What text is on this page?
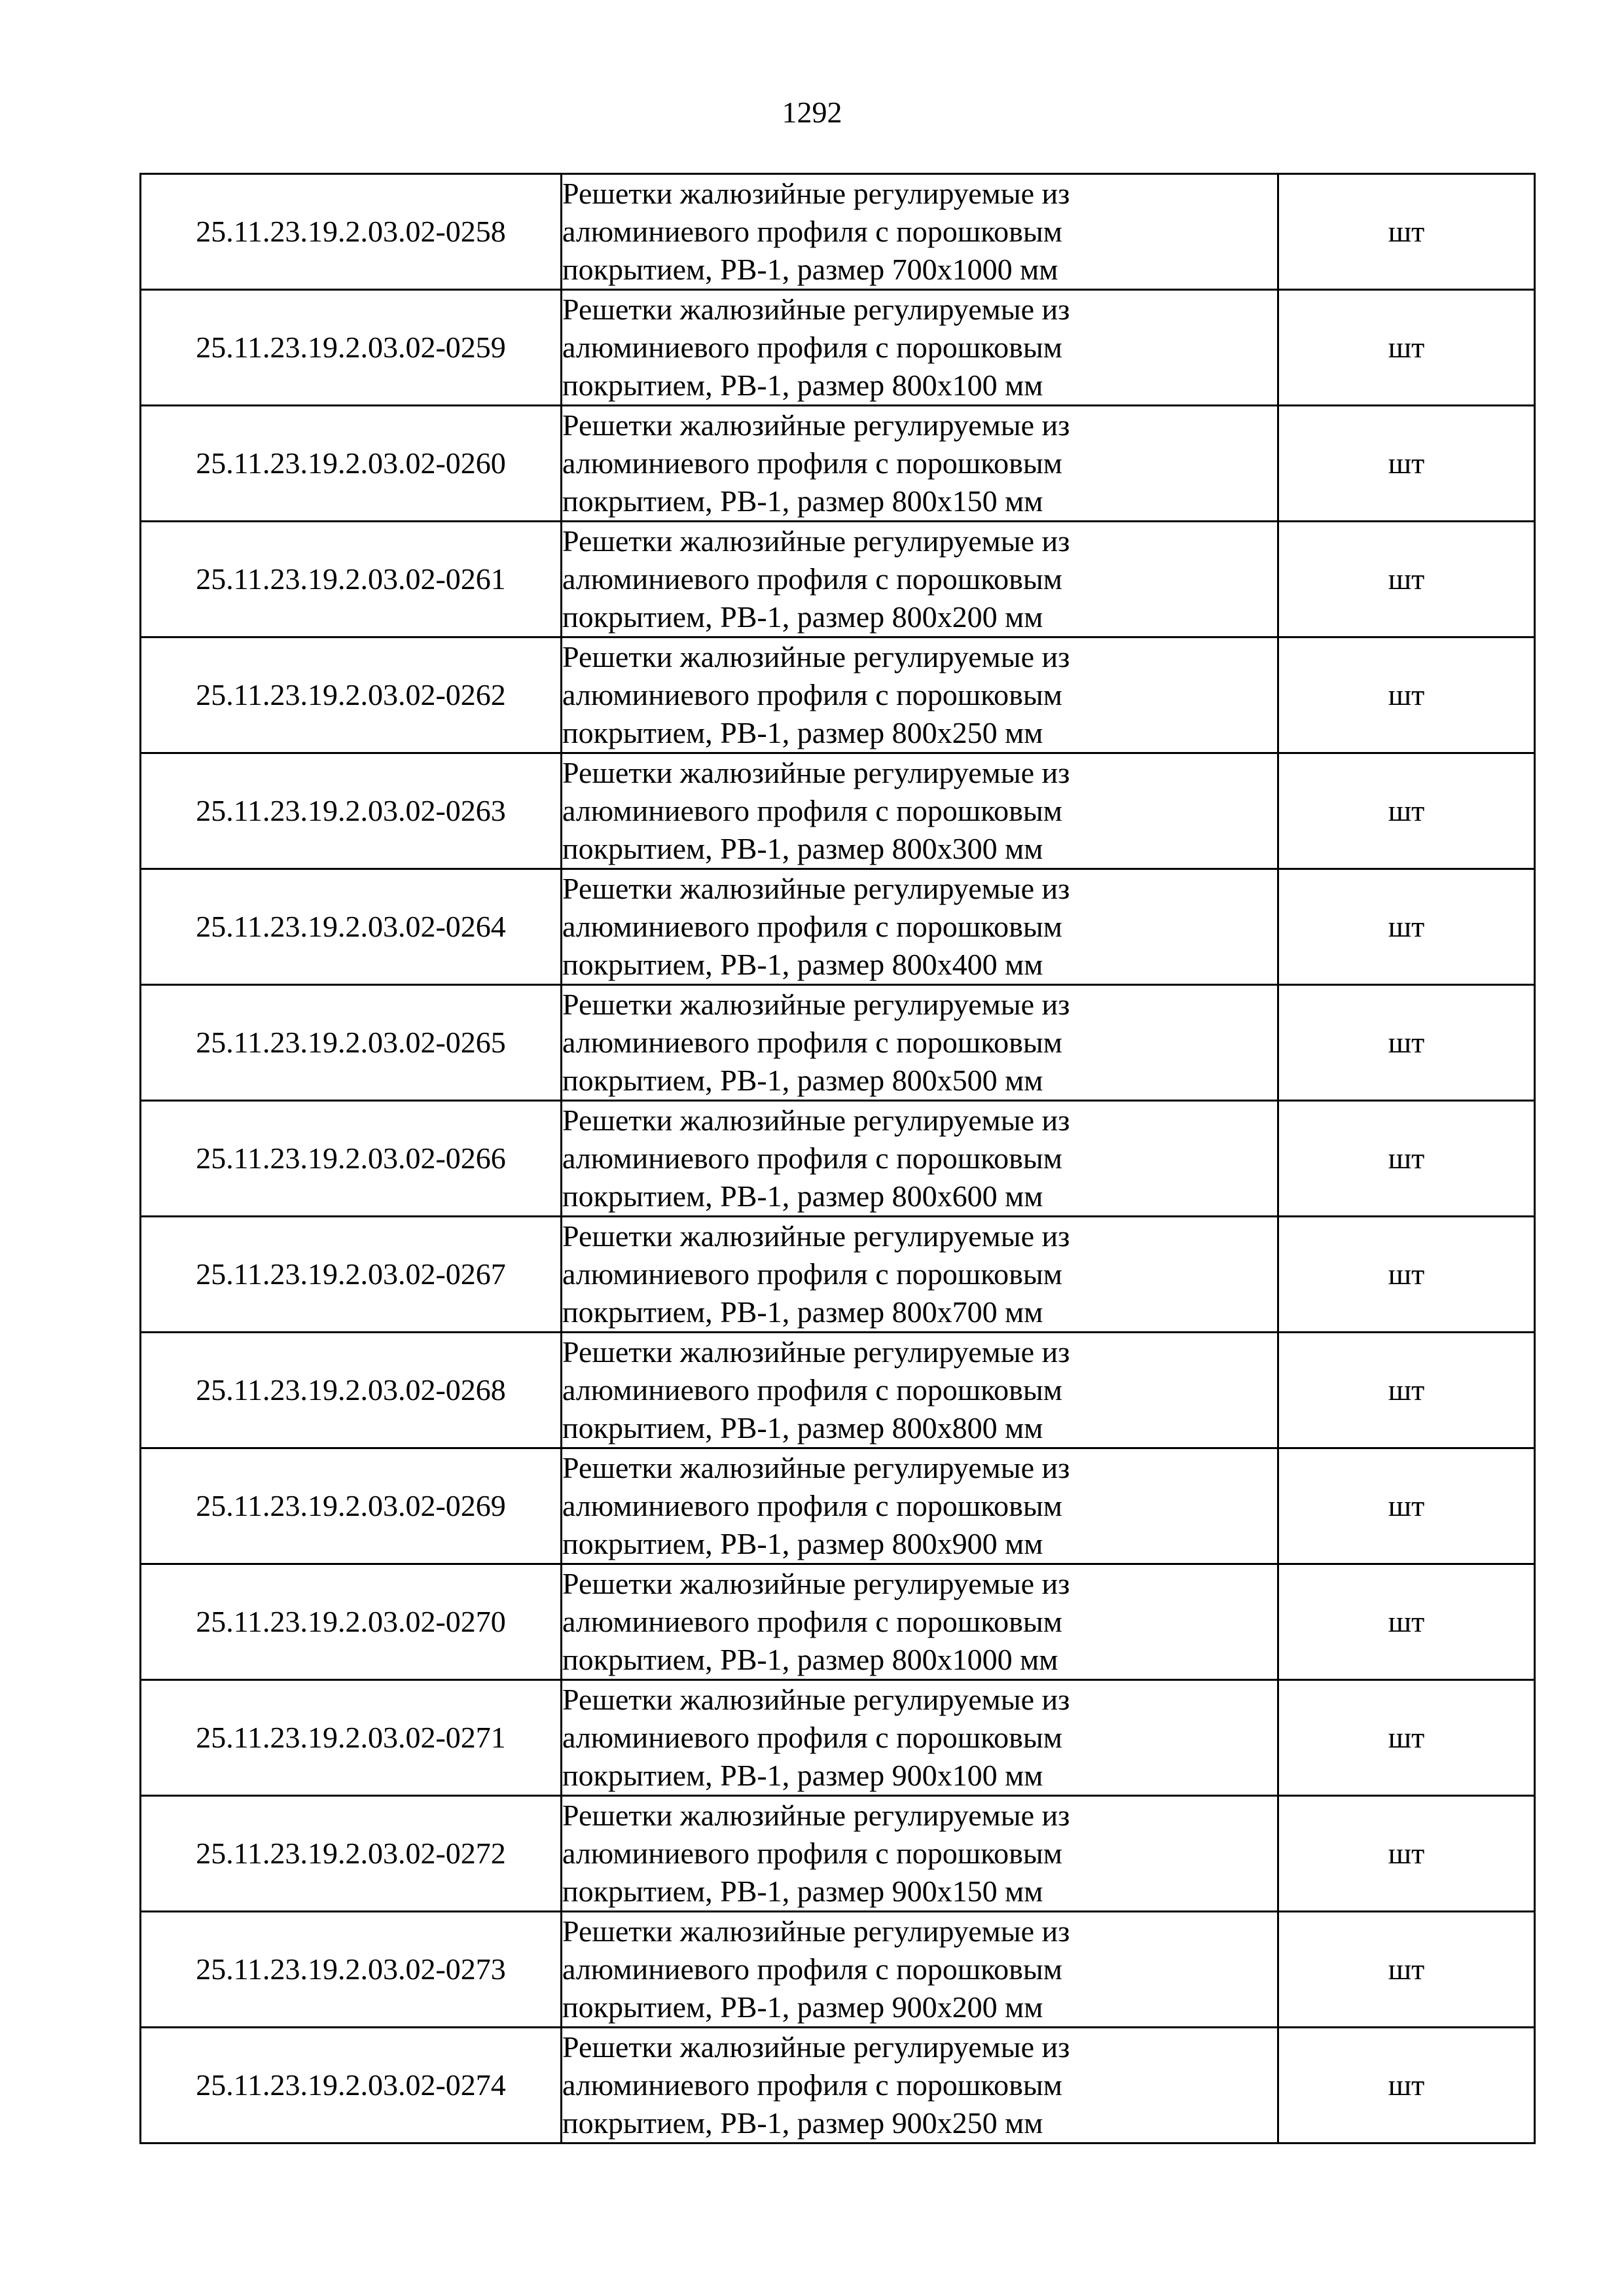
1292
25.11.23.19.2.03.02-0258	Решетки жалюзийные регулируемые из
алюминиевого профиля с порошковым
покрытием, РВ-1, размер 700х1000 мм	шт
25.11.23.19.2.03.02-0259	Решетки жалюзийные регулируемые из
алюминиевого профиля с порошковым
покрытием, РВ-1, размер 800х100 мм	шт
25.11.23.19.2.03.02-0260	Решетки жалюзийные регулируемые из
алюминиевого профиля с порошковым
покрытием, РВ-1, размер 800х150 мм	шт
25.11.23.19.2.03.02-0261	Решетки жалюзийные регулируемые из
алюминиевого профиля с порошковым
покрытием, РВ-1, размер 800х200 мм	шт
25.11.23.19.2.03.02-0262	Решетки жалюзийные регулируемые из
алюминиевого профиля с порошковым
покрытием, РВ-1, размер 800х250 мм	шт
25.11.23.19.2.03.02-0263	Решетки жалюзийные регулируемые из
алюминиевого профиля с порошковым
покрытием, РВ-1, размер 800х300 мм	шт
25.11.23.19.2.03.02-0264	Решетки жалюзийные регулируемые из
алюминиевого профиля с порошковым
покрытием, РВ-1, размер 800х400 мм	шт
25.11.23.19.2.03.02-0265	Решетки жалюзийные регулируемые из
алюминиевого профиля с порошковым
покрытием, РВ-1, размер 800х500 мм	шт
25.11.23.19.2.03.02-0266	Решетки жалюзийные регулируемые из
алюминиевого профиля с порошковым
покрытием, РВ-1, размер 800х600 мм	шт
25.11.23.19.2.03.02-0267	Решетки жалюзийные регулируемые из
алюминиевого профиля с порошковым
покрытием, РВ-1, размер 800х700 мм	шт
25.11.23.19.2.03.02-0268	Решетки жалюзийные регулируемые из
алюминиевого профиля с порошковым
покрытием, РВ-1, размер 800х800 мм	шт
25.11.23.19.2.03.02-0269	Решетки жалюзийные регулируемые из
алюминиевого профиля с порошковым
покрытием, РВ-1, размер 800х900 мм	шт
25.11.23.19.2.03.02-0270	Решетки жалюзийные регулируемые из
алюминиевого профиля с порошковым
покрытием, РВ-1, размер 800х1000 мм	шт
25.11.23.19.2.03.02-0271	Решетки жалюзийные регулируемые из
алюминиевого профиля с порошковым
покрытием, РВ-1, размер 900х100 мм	шт
25.11.23.19.2.03.02-0272	Решетки жалюзийные регулируемые из
алюминиевого профиля с порошковым
покрытием, РВ-1, размер 900х150 мм	шт
25.11.23.19.2.03.02-0273	Решетки жалюзийные регулируемые из
алюминиевого профиля с порошковым
покрытием, РВ-1, размер 900х200 мм	шт
25.11.23.19.2.03.02-0274	Решетки жалюзийные регулируемые из
алюминиевого профиля с порошковым
покрытием, РВ-1, размер 900х250 мм	шт
